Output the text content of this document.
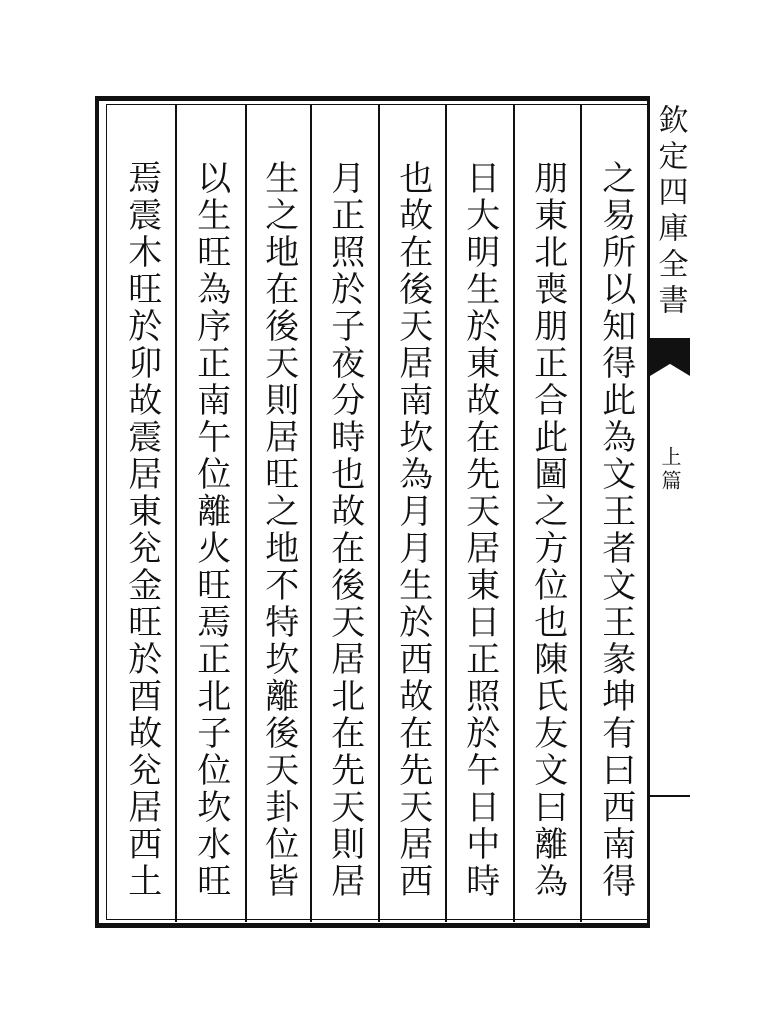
之易所以知得此為文王者文王彖坤有曰西南得
朋東北喪朋正合此圖之方位也陳氏友文曰離為
日大明生於東故在先天居東日正照於午日中時
也故在後天居南坎為月月生於西故在先天居西
月正照於子夜分時也故在後天居北在先天則居
生之地在後天則居旺之地不特坎離後天卦位皆
以生旺為序正南午位離火旺焉正北子位坎水旺
焉震木旺於卯故震居東兊金旺於酉故兊居西土	欽定四庫全書
上篇
